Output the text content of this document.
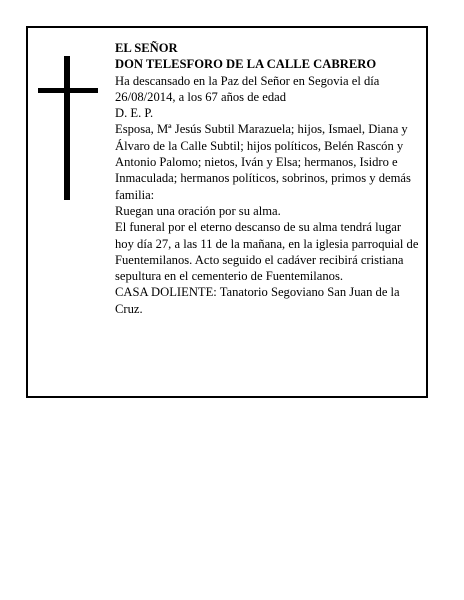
EL SEÑOR

DON TELESFORO DE LA CALLE CABRERO

Ha descansado en la Paz del Señor en Segovia el día 26/08/2014, a los 67 años de edad

D. E. P.

Esposa, Mª Jesús Subtil Marazuela; hijos, Ismael, Diana y Álvaro de la Calle Subtil; hijos políticos, Belén Rascón y Antonio Palomo; nietos, Iván y Elsa; hermanos, Isidro e Inmaculada; hermanos políticos, sobrinos, primos y demás familia:

Ruegan una oración por su alma.

El funeral por el eterno descanso de su alma tendrá lugar hoy día 27, a las 11 de la mañana, en la iglesia parroquial de Fuentemilanos. Acto seguido el cadáver recibirá cristiana sepultura en el cementerio de Fuentemilanos.

CASA DOLIENTE: Tanatorio Segoviano San Juan de la Cruz.
